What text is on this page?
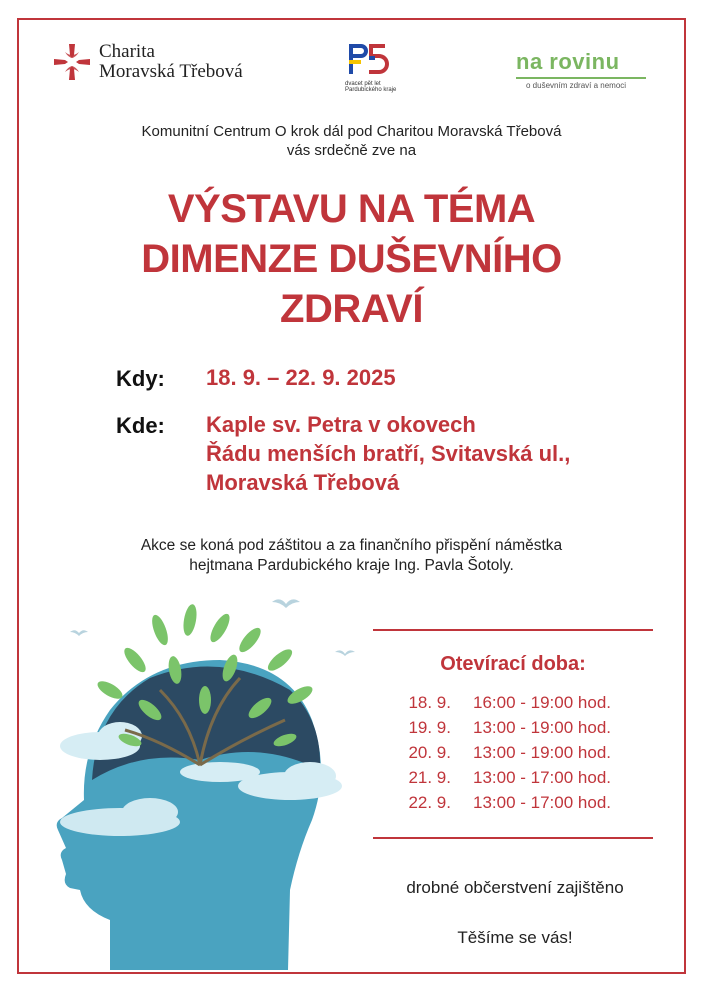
Charita
Moravská Třebová
dvacet pět let Pardubického kraje
na rovinu
o duševním zdraví a nemoci
Komunitní Centrum O krok dál pod Charitou Moravská Třebová
vás srdečně zve na
VÝSTAVU NA TÉMA
DIMENZE DUŠEVNÍHO
ZDRAVÍ
Kdy: 18. 9. – 22. 9. 2025
Kde: Kaple sv. Petra v okovech
Řádu menších bratří, Svitavská ul.,
Moravská Třebová
Akce se koná pod záštitou a za finančního přispění náměstka
hejtmana Pardubického kraje Ing. Pavla Šotoly.
Otevírací doba:
18. 9.	16:00 - 19:00 hod.
19. 9.	13:00 - 19:00 hod.
20. 9.	13:00 - 19:00 hod.
21. 9.	13:00 - 17:00 hod.
22. 9.	13:00 - 17:00 hod.
drobné občerstvení zajištěno
Těšíme se vás!
